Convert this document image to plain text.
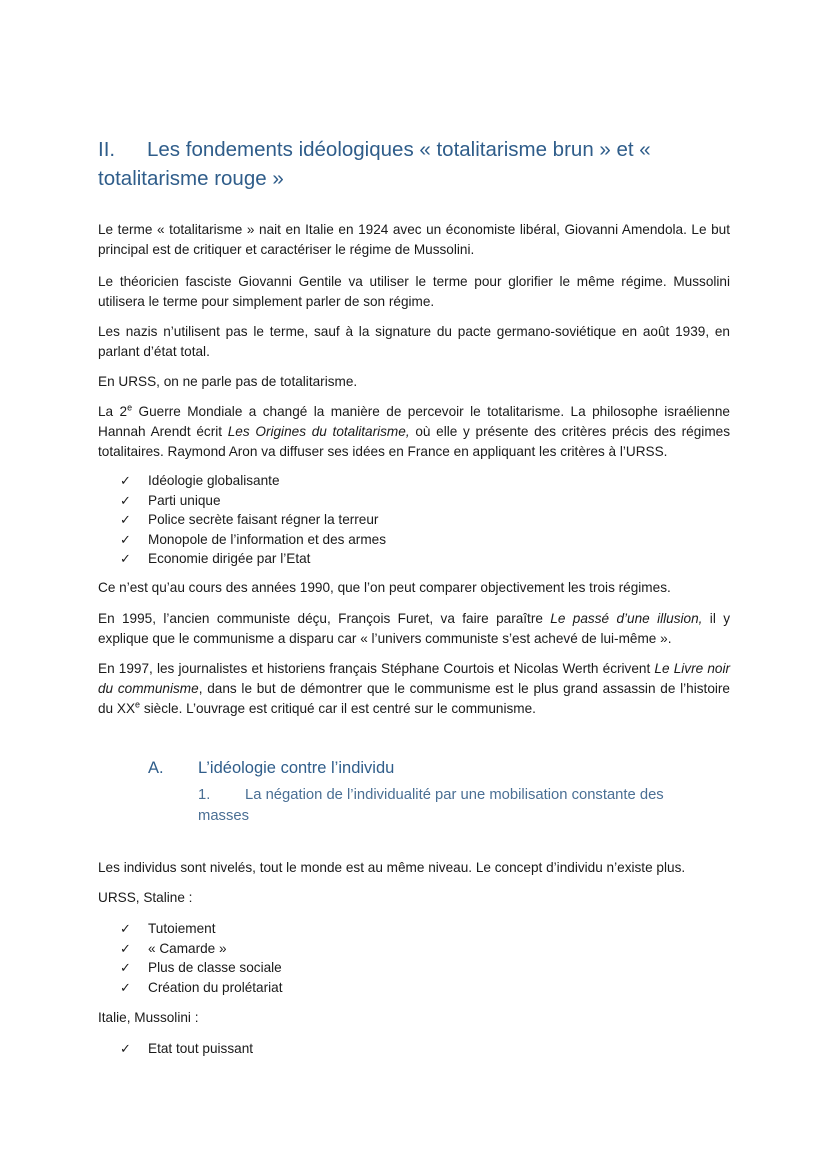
II. Les fondements idéologiques « totalitarisme brun » et « totalitarisme rouge »

Le terme « totalitarisme » nait en Italie en 1924 avec un économiste libéral, Giovanni Amendola. Le but principal est de critiquer et caractériser le régime de Mussolini.

Le théoricien fasciste Giovanni Gentile va utiliser le terme pour glorifier le même régime. Mussolini utilisera le terme pour simplement parler de son régime.

Les nazis n’utilisent pas le terme, sauf à la signature du pacte germano-soviétique en août 1939, en parlant d’état total.

En URSS, on ne parle pas de totalitarisme.

La 2e Guerre Mondiale a changé la manière de percevoir le totalitarisme. La philosophe israélienne Hannah Arendt écrit Les Origines du totalitarisme, où elle y présente des critères précis des régimes totalitaires. Raymond Aron va diffuser ses idées en France en appliquant les critères à l’URSS.

✓	Idéologie globalisante
✓	Parti unique
✓	Police secrète faisant régner la terreur
✓	Monopole de l’information et des armes
✓	Economie dirigée par l’Etat

Ce n’est qu’au cours des années 1990, que l’on peut comparer objectivement les trois régimes.

En 1995, l’ancien communiste déçu, François Furet, va faire paraître Le passé d’une illusion, il y explique que le communisme a disparu car « l’univers communiste s’est achevé de lui-même ».

En 1997, les journalistes et historiens français Stéphane Courtois et Nicolas Werth écrivent Le Livre noir du communisme, dans le but de démontrer que le communisme est le plus grand assassin de l’histoire du XXe siècle. L’ouvrage est critiqué car il est centré sur le communisme.

A. L’idéologie contre l’individu
1. La négation de l’individualité par une mobilisation constante des masses

Les individus sont nivelés, tout le monde est au même niveau. Le concept d’individu n’existe plus.

URSS, Staline :

✓	Tutoiement
✓	« Camarde »
✓	Plus de classe sociale
✓	Création du prolétariat

Italie, Mussolini :

✓	Etat tout puissant
